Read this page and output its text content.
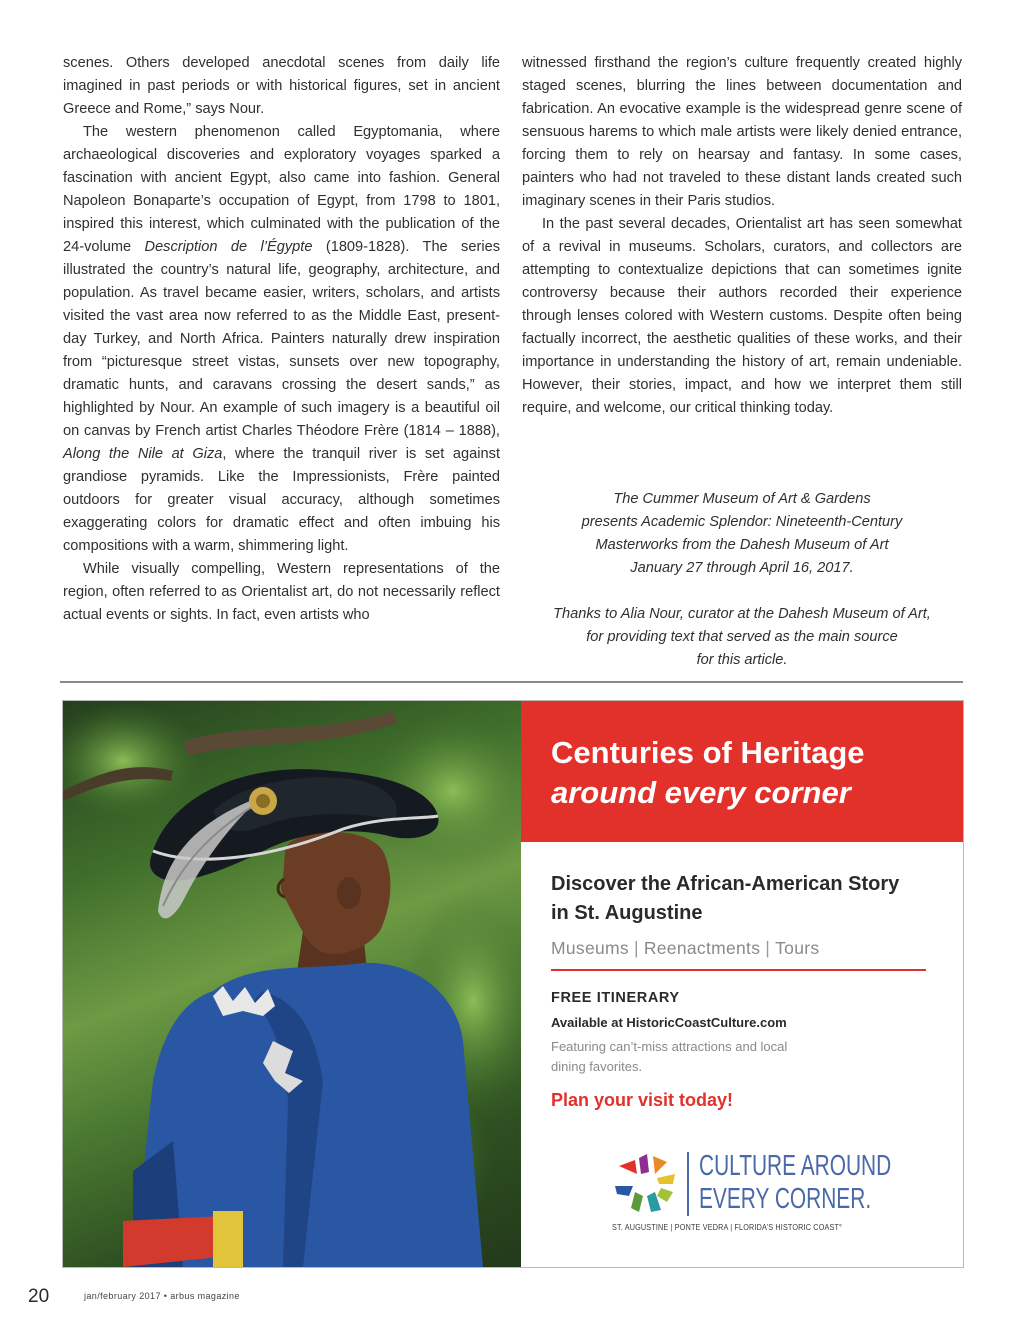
scenes. Others developed anecdotal scenes from daily life imagined in past periods or with historical figures, set in ancient Greece and Rome,” says Nour.

The western phenomenon called Egyptomania, where archaeological discoveries and exploratory voyages sparked a fascination with ancient Egypt, also came into fashion. General Napoleon Bonaparte’s occupation of Egypt, from 1798 to 1801, inspired this interest, which culminated with the publication of the 24-volume Description de l’Égypte (1809-1828). The series illustrated the country’s natural life, geography, architecture, and population. As travel became easier, writers, scholars, and artists visited the vast area now referred to as the Middle East, present-day Turkey, and North Africa. Painters naturally drew inspiration from “picturesque street vistas, sunsets over new topography, dramatic hunts, and caravans crossing the desert sands,” as highlighted by Nour. An example of such imagery is a beautiful oil on canvas by French artist Charles Théodore Frère (1814 – 1888), Along the Nile at Giza, where the tranquil river is set against grandiose pyramids. Like the Impressionists, Frère painted outdoors for greater visual accuracy, although sometimes exaggerating colors for dramatic effect and often imbuing his compositions with a warm, shimmering light.

While visually compelling, Western representations of the region, often referred to as Orientalist art, do not necessarily reflect actual events or sights. In fact, even artists who

witnessed firsthand the region’s culture frequently created highly staged scenes, blurring the lines between documentation and fabrication. An evocative example is the widespread genre scene of sensuous harems to which male artists were likely denied entrance, forcing them to rely on hearsay and fantasy. In some cases, painters who had not traveled to these distant lands created such imaginary scenes in their Paris studios.

In the past several decades, Orientalist art has seen somewhat of a revival in museums. Scholars, curators, and collectors are attempting to contextualize depictions that can sometimes ignite controversy because their authors recorded their experience through lenses colored with Western customs. Despite often being factually incorrect, the aesthetic qualities of these works, and their importance in understanding the history of art, remain undeniable. However, their stories, impact, and how we interpret them still require, and welcome, our critical thinking today.

The Cummer Museum of Art & Gardens

presents Academic Splendor: Nineteenth-Century

Masterworks from the Dahesh Museum of Art

January 27 through April 16, 2017.

Thanks to Alia Nour, curator at the Dahesh Museum of Art,

for providing text that served as the main source

for this article.

Centuries of Heritage
around every corner
Discover the African-American Story in St. Augustine
Museums | Reenactments | Tours
FREE ITINERARY
Available at HistoricCoastCulture.com
Featuring can’t-miss attractions and local dining favorites.
Plan your visit today!
CULTURE AROUND
EVERY CORNER.
ST. AUGUSTINE | PONTE VEDRA | FLORIDA’S HISTORIC COAST°
20	jan/february 2017 • arbus magazine
